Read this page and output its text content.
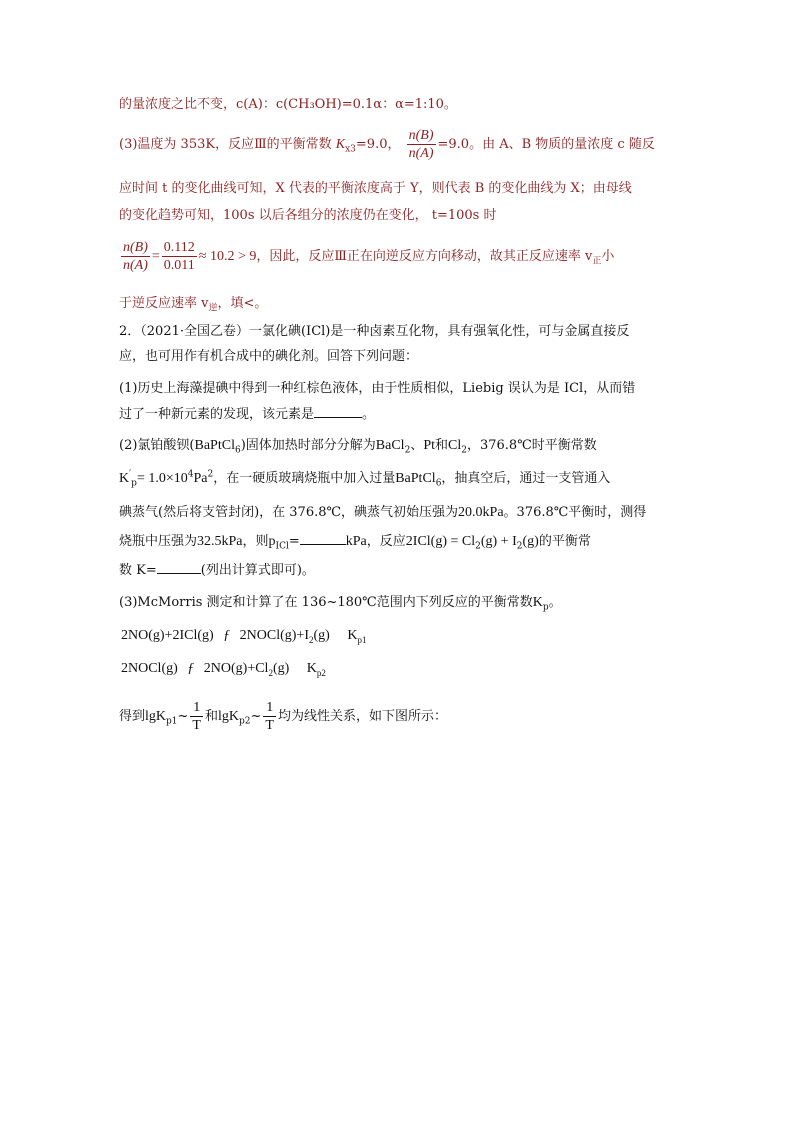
的量浓度之比不变，c(A)：c(CH₃OH)=0.1α：α=1:10。
(3)温度为 353K，反应Ⅲ的平衡常数 $K_{x3}=9.0$， $\frac{n(B)}{n(A)} =9.0$。由 A、B 物质的量浓度 c 随反
应时间 t 的变化曲线可知，X 代表的平衡浓度高于 Y，则代表 B 的变化曲线为 X；由母线
的变化趋势可知，100s 以后各组分的浓度仍在变化， t=100s 时
$\frac{n(B)}{n(A)} = \frac{0.112}{0.011} \approx 10.2 > 9$，因此，反应Ⅲ正在向逆反应方向移动，故其正反应速率 $v_正$小
于逆反应速率 $v_逆$，填<。
2．（2021·全国乙卷）一氯化碘(ICl)是一种卤素互化物，具有强氧化性，可与金属直接反
应，也可用作有机合成中的碘化剂。回答下列问题：
(1)历史上海藻提碘中得到一种红棕色液体，由于性质相似，Liebig 误认为是 ICl，从而错
过了一种新元素的发现，该元素是	。
(2)氯铂酸钡(BaPtCl$_6$)固体加热时部分分解为BaCl$_2$、Pt和$Cl_2$，376.8℃时平衡常数
$K'_p= 1.0\times 10^4Pa^2$，在一硬质玻璃烧瓶中加入过量BaPtCl$_6$，抽真空后，通过一支管通入
碘蒸气(然后将支管封闭)，在 376.8℃，碘蒸气初始压强为20.0kPa。376.8℃平衡时，测得
烧瓶中压强为32.5kPa，则$p_{ICl}=$	kPa，反应$2ICl(g) = Cl_2(g) + I_2(g)$的平衡常
数 K=	(列出计算式即可)。
(3)McMorris 测定和计算了在 136~180℃范围内下列反应的平衡常数$K_p$。
2NO(g)+2ICl(g) ƒ $2NOCl(g)+I_2(g)$ $K_{p1}$
2NOCl(g) ƒ $2NO(g)+Cl_2(g)$ $K_{p2}$
得到lgK$_{p1}$~ $\frac{1}{T}$ 和lgK$_{p2}$~ $\frac{1}{T}$ 均为线性关系，如下图所示：
